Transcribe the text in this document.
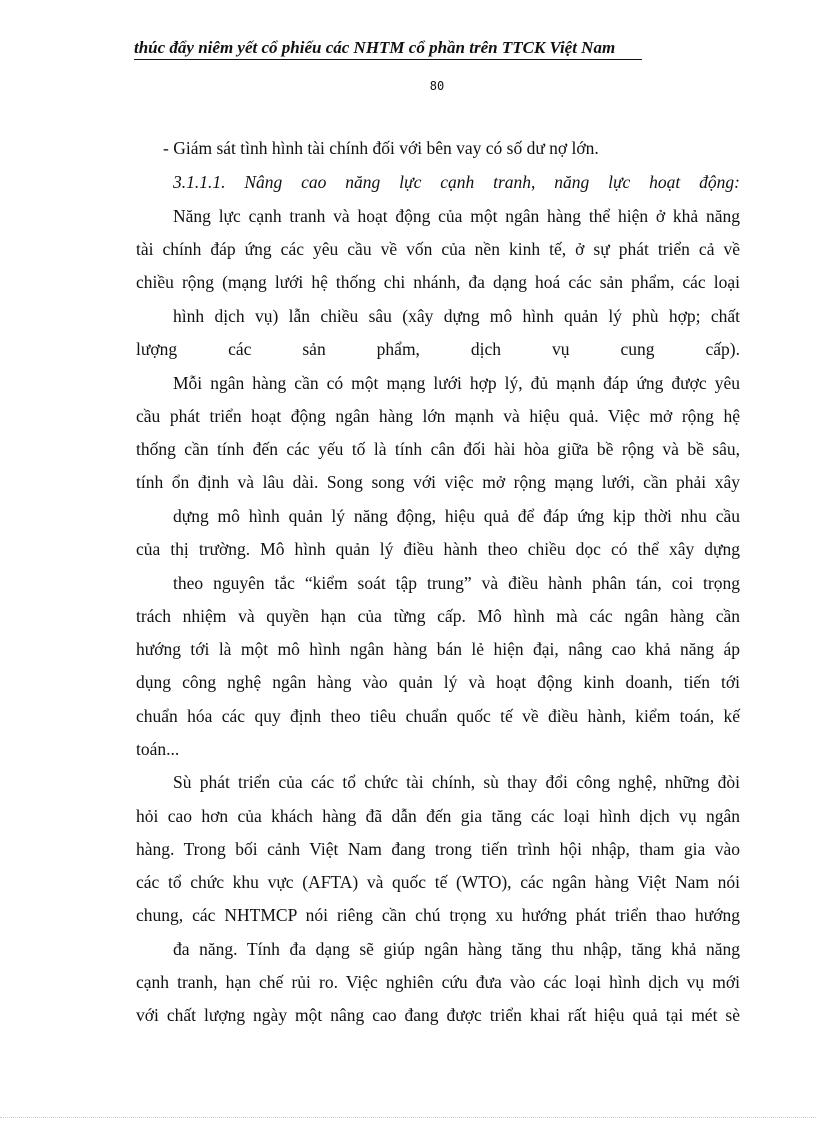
thúc đẩy niêm yết cổ phiếu các NHTM cổ phần trên TTCK Việt Nam
80
- Giám sát tình hình tài chính đối với bên vay có số dư nợ lớn.
3.1.1.1. Nâng cao năng lực cạnh tranh, năng lực hoạt động:
Năng lực cạnh tranh và hoạt động của một ngân hàng thể hiện ở khả năng
tài chính đáp ứng các yêu cầu về vốn của nền kinh tế, ở sự phát triển cả về
chiều rộng (mạng lưới hệ thống chi nhánh, đa dạng hoá các sản phẩm, các loại
hình dịch vụ) lẫn chiều sâu (xây dựng mô hình quản lý phù hợp; chất
lượng các sản phẩm, dịch vụ cung cấp).
Mỗi ngân hàng cần có một mạng lưới hợp lý, đủ mạnh đáp ứng được yêu
cầu phát triển hoạt động ngân hàng lớn mạnh và hiệu quả. Việc mở rộng hệ
thống cần tính đến các yếu tố là tính cân đối hài hòa giữa bề rộng và bề sâu,
tính ổn định và lâu dài. Song song với việc mở rộng mạng lưới, cần phải xây
dựng mô hình quản lý năng động, hiệu quả để đáp ứng kịp thời nhu cầu
của thị trường. Mô hình quản lý điều hành theo chiều dọc có thể xây dựng
theo nguyên tắc “kiểm soát tập trung” và điều hành phân tán, coi trọng
trách nhiệm và quyền hạn của từng cấp. Mô hình mà các ngân hàng cần
hướng tới là một mô hình ngân hàng bán lẻ hiện đại, nâng cao khả năng áp
dụng công nghệ ngân hàng vào quản lý và hoạt động kinh doanh, tiến tới
chuẩn hóa các quy định theo tiêu chuẩn quốc tế về điều hành, kiểm toán, kế
toán...
Sù phát triển của các tổ chức tài chính, sù thay đổi công nghệ, những đòi
hỏi cao hơn của khách hàng đã dẫn đến gia tăng các loại hình dịch vụ ngân
hàng. Trong bối cảnh Việt Nam đang trong tiến trình hội nhập, tham gia vào
các tổ chức khu vực (AFTA) và quốc tế (WTO), các ngân hàng Việt Nam nói
chung, các NHTMCP nói riêng cần chú trọng xu hướng phát triển thao hướng
đa năng. Tính đa dạng sẽ giúp ngân hàng tăng thu nhập, tăng khả năng
cạnh tranh, hạn chế rủi ro. Việc nghiên cứu đưa vào các loại hình dịch vụ mới
với chất lượng ngày một nâng cao đang được triển khai rất hiệu quả tại mét sè
